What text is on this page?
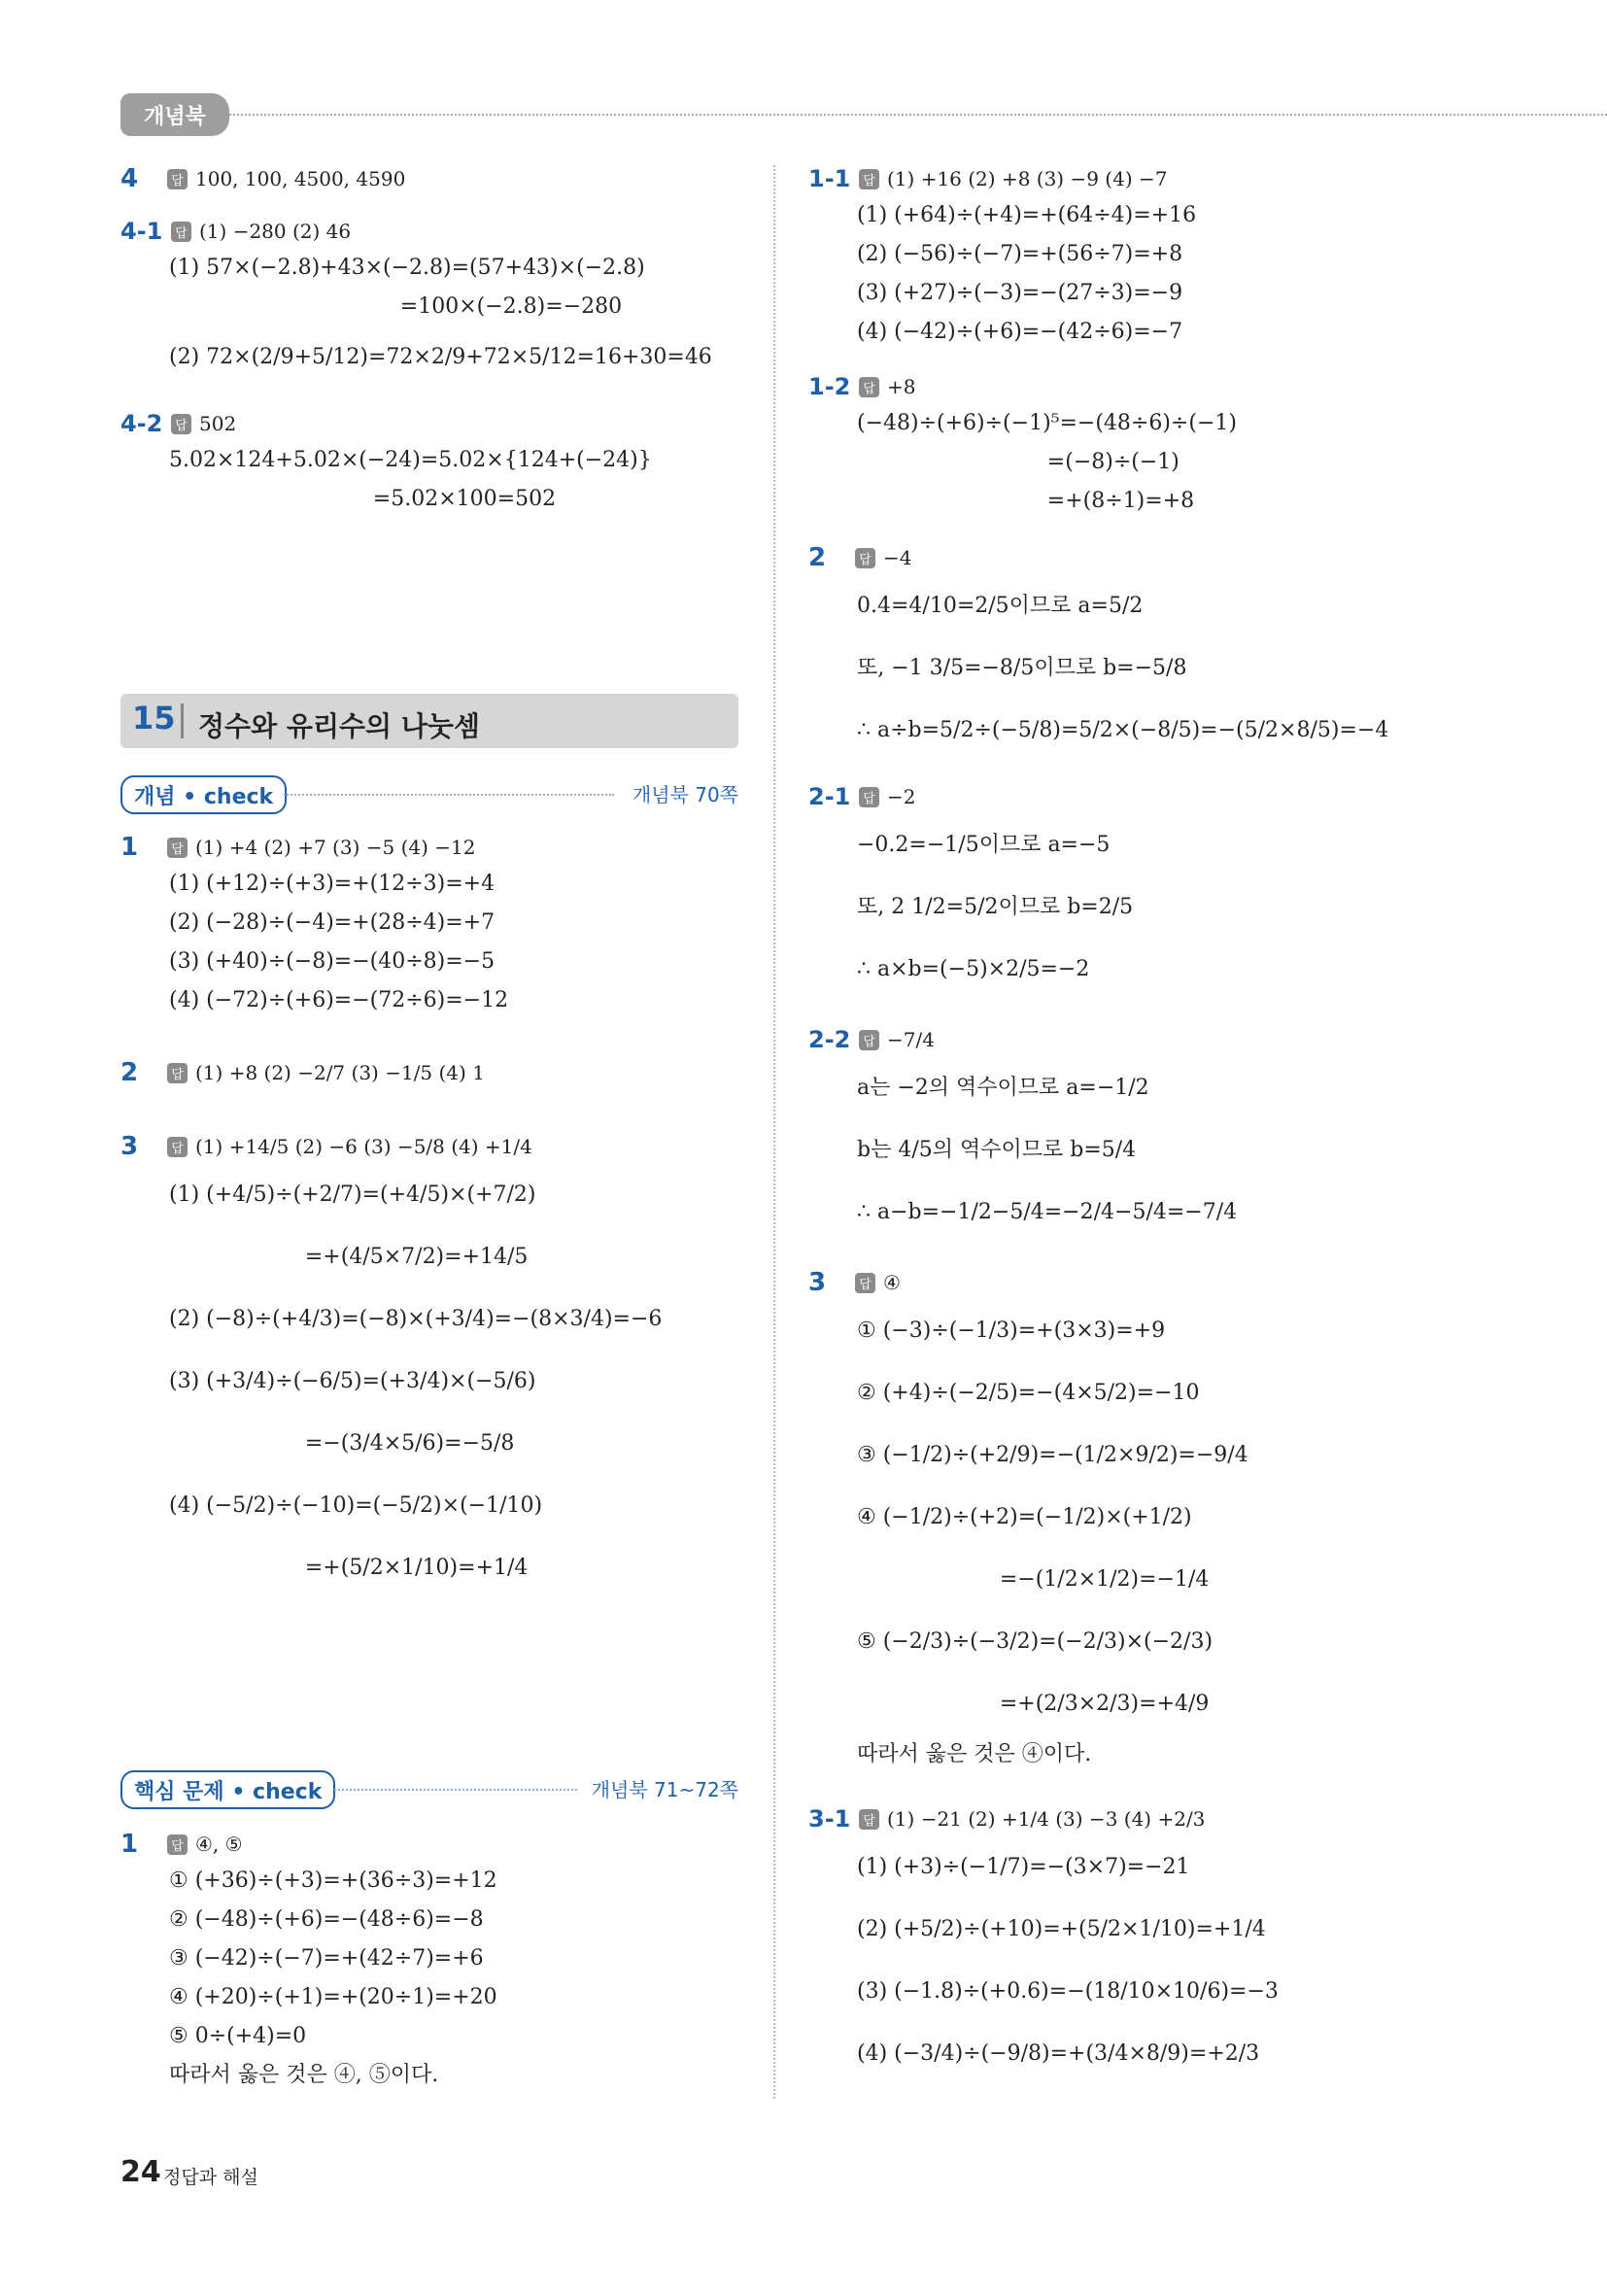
개념북
4	답 100, 100, 4500, 4590
4-1 답 (1) −280 (2) 46
(1) 57×(−2.8)+43×(−2.8)=(57+43)×(−2.8)
=100×(−2.8)=−280
(2) 72×(2/9+5/12)=72×2/9+72×5/12=16+30=46
4-2 답 502
5.02×124+5.02×(−24)=5.02×{124+(−24)}
=5.02×100=502
15 정수와 유리수의 나눗셈
개념 • check	개념북 70쪽
1	답 (1) +4 (2) +7 (3) −5 (4) −12
(1) (+12)÷(+3)=+(12÷3)=+4
(2) (−28)÷(−4)=+(28÷4)=+7
(3) (+40)÷(−8)=−(40÷8)=−5
(4) (−72)÷(+6)=−(72÷6)=−12
2	답 (1) +8 (2) −2/7 (3) −1/5 (4) 1
3	답 (1) +14/5 (2) −6 (3) −5/8 (4) +1/4
(1) (+4/5)÷(+2/7)=(+4/5)×(+7/2)
=+(4/5×7/2)=+14/5
(2) (−8)÷(+4/3)=(−8)×(+3/4)=−(8×3/4)=−6
(3) (+3/4)÷(−6/5)=(+3/4)×(−5/6)
=−(3/4×5/6)=−5/8
(4) (−5/2)÷(−10)=(−5/2)×(−1/10)
=+(5/2×1/10)=+1/4
핵심 문제 • check	개념북 71~72쪽
1	답 ④, ⑤
① (+36)÷(+3)=+(36÷3)=+12
② (−48)÷(+6)=−(48÷6)=−8
③ (−42)÷(−7)=+(42÷7)=+6
④ (+20)÷(+1)=+(20÷1)=+20
⑤ 0÷(+4)=0
따라서 옳은 것은 ④, ⑤이다.
1-1 답 (1) +16 (2) +8 (3) −9 (4) −7
(1) (+64)÷(+4)=+(64÷4)=+16
(2) (−56)÷(−7)=+(56÷7)=+8
(3) (+27)÷(−3)=−(27÷3)=−9
(4) (−42)÷(+6)=−(42÷6)=−7
1-2 답 +8
(−48)÷(+6)÷(−1)⁵=−(48÷6)÷(−1)
=(−8)÷(−1)
=+(8÷1)=+8
2	답 −4
0.4=4/10=2/5이므로 a=5/2
또, −1 3/5=−8/5이므로 b=−5/8
∴ a÷b=5/2÷(−5/8)=5/2×(−8/5)=−(5/2×8/5)=−4
2-1 답 −2
−0.2=−1/5이므로 a=−5
또, 2 1/2=5/2이므로 b=2/5
∴ a×b=(−5)×2/5=−2
2-2 답 −7/4
a는 −2의 역수이므로 a=−1/2
b는 4/5의 역수이므로 b=5/4
∴ a−b=−1/2−5/4=−2/4−5/4=−7/4
3	답 ④
① (−3)÷(−1/3)=+(3×3)=+9
② (+4)÷(−2/5)=−(4×5/2)=−10
③ (−1/2)÷(+2/9)=−(1/2×9/2)=−9/4
④ (−1/2)÷(+2)=(−1/2)×(+1/2)
=−(1/2×1/2)=−1/4
⑤ (−2/3)÷(−3/2)=(−2/3)×(−2/3)
=+(2/3×2/3)=+4/9
따라서 옳은 것은 ④이다.
3-1 답 (1) −21 (2) +1/4 (3) −3 (4) +2/3
(1) (+3)÷(−1/7)=−(3×7)=−21
(2) (+5/2)÷(+10)=+(5/2×1/10)=+1/4
(3) (−1.8)÷(+0.6)=−(18/10×10/6)=−3
(4) (−3/4)÷(−9/8)=+(3/4×8/9)=+2/3
24 정답과 해설
